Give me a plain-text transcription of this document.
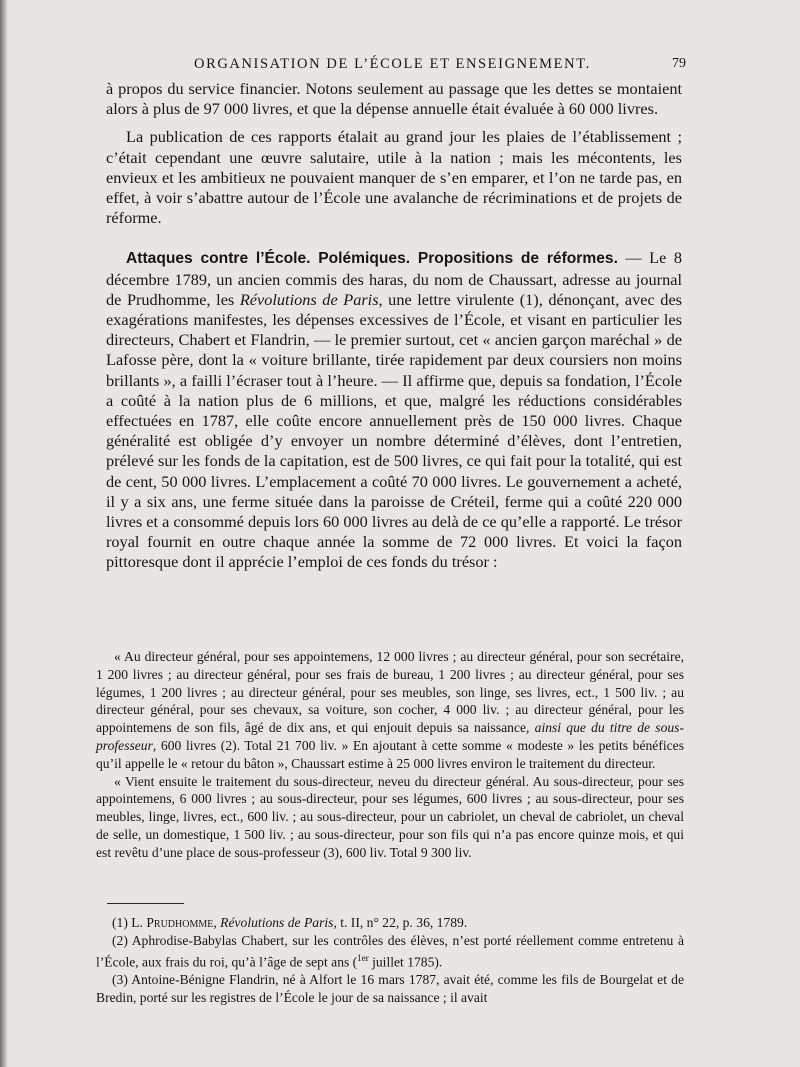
ORGANISATION DE L’ÉCOLE ET ENSEIGNEMENT.	79

à propos du service financier. Notons seulement au passage que les dettes se montaient alors à plus de 97 000 livres, et que la dépense annuelle était évaluée à 60 000 livres.

La publication de ces rapports étalait au grand jour les plaies de l’établissement ; c’était cependant une œuvre salutaire, utile à la nation ; mais les mécontents, les envieux et les ambitieux ne pouvaient manquer de s’en emparer, et l’on ne tarde pas, en effet, à voir s’abattre autour de l’École une avalanche de récriminations et de projets de réforme.

Attaques contre l’École. Polémiques. Propositions de réformes. — Le 8 décembre 1789, un ancien commis des haras, du nom de Chaussart, adresse au journal de Prudhomme, les Révolutions de Paris, une lettre virulente (1), dénonçant, avec des exagérations manifestes, les dépenses excessives de l’École, et visant en particulier les directeurs, Chabert et Flandrin, — le premier surtout, cet « ancien garçon maréchal » de Lafosse père, dont la « voiture brillante, tirée rapidement par deux coursiers non moins brillants », a failli l’écraser tout à l’heure. — Il affirme que, depuis sa fondation, l’École a coûté à la nation plus de 6 millions, et que, malgré les réductions considérables effectuées en 1787, elle coûte encore annuellement près de 150 000 livres. Chaque généralité est obligée d’y envoyer un nombre déterminé d’élèves, dont l’entretien, prélevé sur les fonds de la capitation, est de 500 livres, ce qui fait pour la totalité, qui est de cent, 50 000 livres. L’emplacement a coûté 70 000 livres. Le gouvernement a acheté, il y a six ans, une ferme située dans la paroisse de Créteil, ferme qui a coûté 220 000 livres et a consommé depuis lors 60 000 livres au delà de ce qu’elle a rapporté. Le trésor royal fournit en outre chaque année la somme de 72 000 livres. Et voici la façon pittoresque dont il apprécie l’emploi de ces fonds du trésor :

« Au directeur général, pour ses appointemens, 12 000 livres ; au directeur général, pour son secrétaire, 1 200 livres ; au directeur général, pour ses frais de bureau, 1 200 livres ; au directeur général, pour ses légumes, 1 200 livres ; au directeur général, pour ses meubles, son linge, ses livres, ect., 1 500 liv. ; au directeur général, pour ses chevaux, sa voiture, son cocher, 4 000 liv. ; au directeur général, pour les appointemens de son fils, âgé de dix ans, et qui enjouit depuis sa naissance, ainsi que du titre de sous-professeur, 600 livres (2). Total 21 700 liv. » En ajoutant à cette somme « modeste » les petits bénéfices qu’il appelle le « retour du bâton », Chaussart estime à 25 000 livres environ le traitement du directeur.

« Vient ensuite le traitement du sous-directeur, neveu du directeur général. Au sous-directeur, pour ses appointemens, 6 000 livres ; au sous-directeur, pour ses légumes, 600 livres ; au sous-directeur, pour ses meubles, linge, livres, ect., 600 liv. ; au sous-directeur, pour un cabriolet, un cheval de cabriolet, un cheval de selle, un domestique, 1 500 liv. ; au sous-directeur, pour son fils qui n’a pas encore quinze mois, et qui est revêtu d’une place de sous-professeur (3), 600 liv. Total 9 300 liv.

(1) L. Prudhomme, Révolutions de Paris, t. II, n° 22, p. 36, 1789.

(2) Aphrodise-Babylas Chabert, sur les contrôles des élèves, n’est porté réellement comme entretenu à l’École, aux frais du roi, qu’à l’âge de sept ans ($^{1er}$ juillet 1785).

(3) Antoine-Bénigne Flandrin, né à Alfort le 16 mars 1787, avait été, comme les fils de Bourgelat et de Bredin, porté sur les registres de l’École le jour de sa naissance ; il avait
